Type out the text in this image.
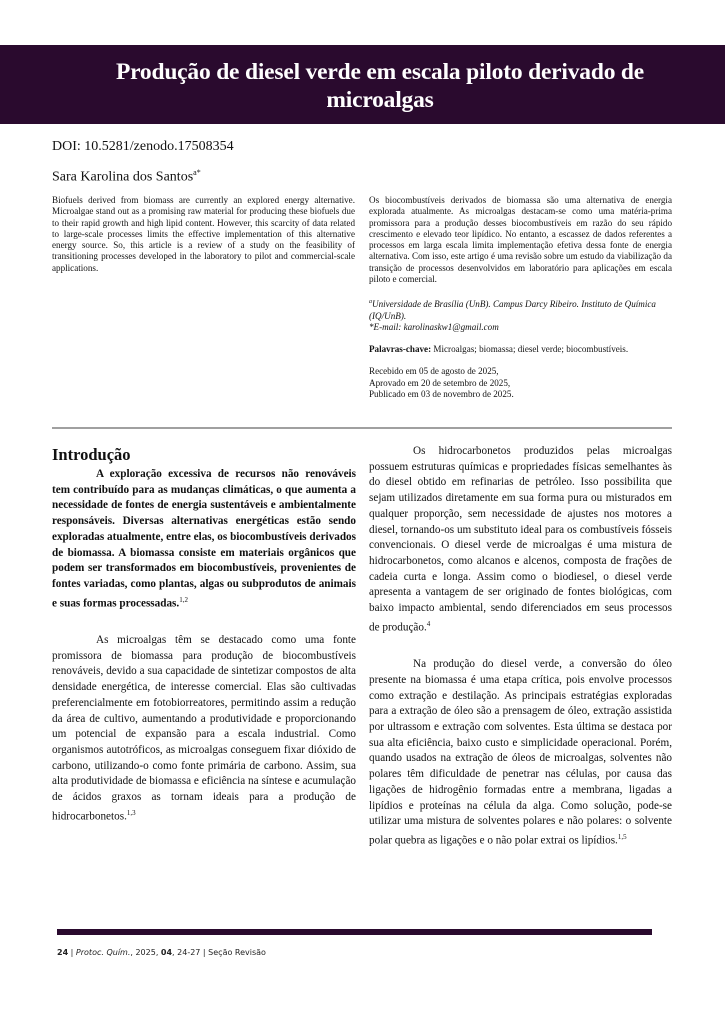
Produção de diesel verde em escala piloto derivado de microalgas
DOI: 10.5281/zenodo.17508354
Sara Karolina dos Santos$^{a*}$
Biofuels derived from biomass are currently an explored energy alternative. Microalgae stand out as a promising raw material for producing these biofuels due to their rapid growth and high lipid content. However, this scarcity of data related to large-scale processes limits the effective implementation of this alternative energy source. So, this article is a review of a study on the feasibility of transitioning processes developed in the laboratory to pilot and commercial-scale applications.
Os biocombustíveis derivados de biomassa são uma alternativa de energia explorada atualmente. As microalgas destacam-se como uma matéria-prima promissora para a produção desses biocombustíveis em razão do seu rápido crescimento e elevado teor lipídico. No entanto, a escassez de dados referentes a processos em larga escala limita implementação efetiva dessa fonte de energia alternativa. Com isso, este artigo é uma revisão sobre um estudo da viabilização da transição de processos desenvolvidos em laboratório para aplicações em escala piloto e comercial.
$^a$Universidade de Brasília (UnB). Campus Darcy Ribeiro. Instituto de Química (IQ/UnB).
*E-mail: karolinaskw1@gmail.com
Palavras-chave: Microalgas; biomassa; diesel verde; biocombustíveis.
Recebido em 05 de agosto de 2025,
Aprovado em 20 de setembro de 2025,
Publicado em 03 de novembro de 2025.
Introdução

A exploração excessiva de recursos não renováveis tem contribuído para as mudanças climáticas, o que aumenta a necessidade de fontes de energia sustentáveis e ambientalmente responsáveis. Diversas alternativas energéticas estão sendo exploradas atualmente, entre elas, os biocombustíveis derivados de biomassa. A biomassa consiste em materiais orgânicos que podem ser transformados em biocombustíveis, provenientes de fontes variadas, como plantas, algas ou subprodutos de animais e suas formas processadas.$^{1,2}$

As microalgas têm se destacado como uma fonte promissora de biomassa para produção de biocombustíveis renováveis, devido a sua capacidade de sintetizar compostos de alta densidade energética, de interesse comercial. Elas são cultivadas preferencialmente em fotobiorreatores, permitindo assim a redução da área de cultivo, aumentando a produtividade e proporcionando um potencial de expansão para a escala industrial. Como organismos autotróficos, as microalgas conseguem fixar dióxido de carbono, utilizando-o como fonte primária de carbono. Assim, sua alta produtividade de biomassa e eficiência na síntese e acumulação de ácidos graxos as tornam ideais para a produção de hidrocarbonetos.$^{1,3}$

Os hidrocarbonetos produzidos pelas microalgas possuem estruturas químicas e propriedades físicas semelhantes às do diesel obtido em refinarias de petróleo. Isso possibilita que sejam utilizados diretamente em sua forma pura ou misturados em qualquer proporção, sem necessidade de ajustes nos motores a diesel, tornando-os um substituto ideal para os combustíveis fósseis convencionais. O diesel verde de microalgas é uma mistura de hidrocarbonetos, como alcanos e alcenos, composta de frações de cadeia curta e longa. Assim como o biodiesel, o diesel verde apresenta a vantagem de ser originado de fontes biológicas, com baixo impacto ambiental, sendo diferenciados em seus processos de produção.$^4$

Na produção do diesel verde, a conversão do óleo presente na biomassa é uma etapa crítica, pois envolve processos como extração e destilação. As principais estratégias exploradas para a extração de óleo são a prensagem de óleo, extração assistida por ultrassom e extração com solventes. Esta última se destaca por sua alta eficiência, baixo custo e simplicidade operacional. Porém, quando usados na extração de óleos de microalgas, solventes não polares têm dificuldade de penetrar nas células, por causa das ligações de hidrogênio formadas entre a membrana, ligadas a lipídios e proteínas na célula da alga. Como solução, pode-se utilizar uma mistura de solventes polares e não polares: o solvente polar quebra as ligações e o não polar extrai os lipídios.$^{1,5}$

24 | Protoc. Quím., 2025, 04, 24-27 | Seção Revisão
